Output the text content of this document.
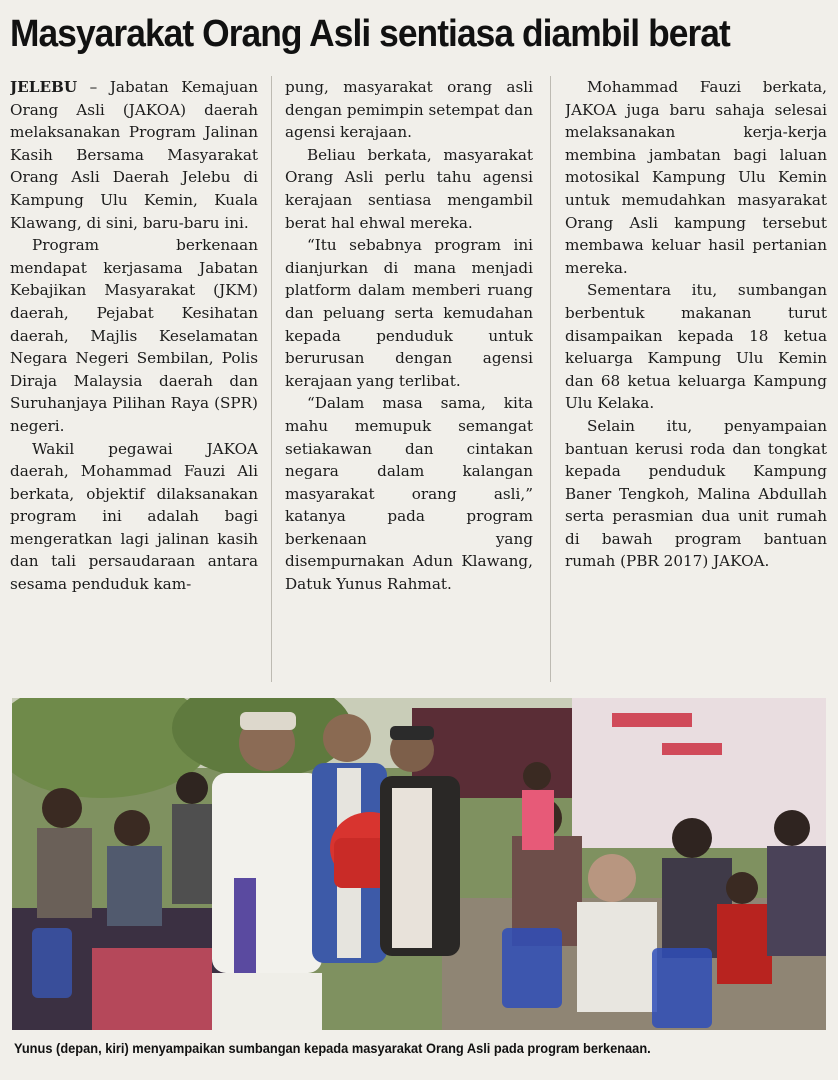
Masyarakat Orang Asli sentiasa diambil berat

JELEBU – Jabatan Kemajuan Orang Asli (JAKOA) daerah melaksanakan Program Jalinan Kasih Bersama Masyarakat Orang Asli Daerah Jelebu di Kampung Ulu Kemin, Kuala Klawang, di sini, baru-baru ini.

Program berkenaan mendapat kerjasama Jabatan Kebajikan Masyarakat (JKM) daerah, Pejabat Kesihatan daerah, Majlis Keselamatan Negara Negeri Sembilan, Polis Diraja Malaysia daerah dan Suruhanjaya Pilihan Raya (SPR) negeri.

Wakil pegawai JAKOA daerah, Mohammad Fauzi Ali berkata, objektif dilaksanakan program ini adalah bagi mengeratkan lagi jalinan kasih dan tali persaudaraan antara sesama penduduk kam-

pung, masyarakat orang asli dengan pemimpin setempat dan agensi kerajaan.

Beliau berkata, masyarakat Orang Asli perlu tahu agensi kerajaan sentiasa mengambil berat hal ehwal mereka.

“Itu sebabnya program ini dianjurkan di mana menjadi platform dalam memberi ruang dan peluang serta kemudahan kepada penduduk untuk berurusan dengan agensi kerajaan yang terlibat.

“Dalam masa sama, kita mahu memupuk semangat setiakawan dan cintakan negara dalam kalangan masyarakat orang asli,” katanya pada program berkenaan yang disempurnakan Adun Klawang, Datuk Yunus Rahmat.

Mohammad Fauzi berkata, JAKOA juga baru sahaja selesai melaksanakan kerja-kerja membina jambatan bagi laluan motosikal Kampung Ulu Kemin untuk memudahkan masyarakat Orang Asli kampung tersebut membawa keluar hasil pertanian mereka.

Sementara itu, sumbangan berbentuk makanan turut disampaikan kepada 18 ketua keluarga Kampung Ulu Kemin dan 68 ketua keluarga Kampung Ulu Kelaka.

Selain itu, penyampaian bantuan kerusi roda dan tongkat kepada penduduk Kampung Baner Tengkoh, Malina Abdullah serta perasmian dua unit rumah di bawah program bantuan rumah (PBR 2017) JAKOA.

Yunus (depan, kiri) menyampaikan sumbangan kepada masyarakat Orang Asli pada program berkenaan.
